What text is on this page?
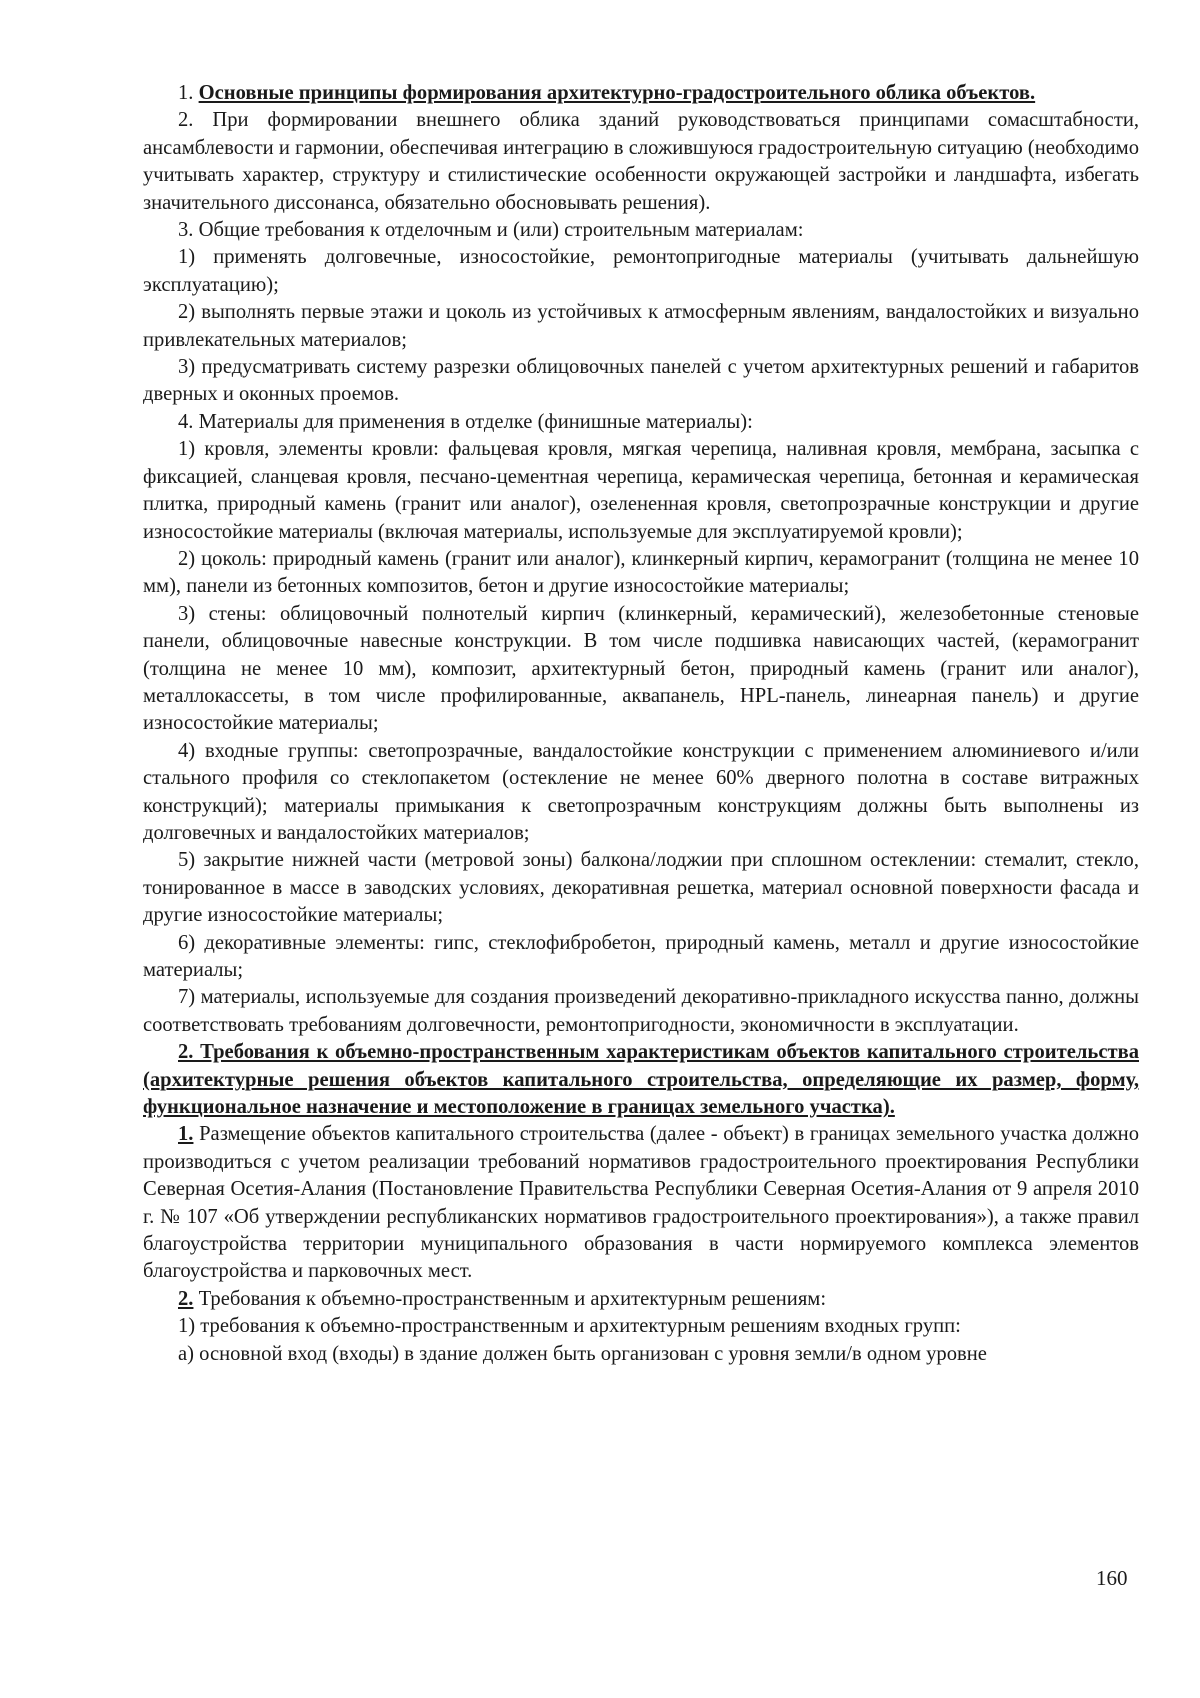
1. Основные принципы формирования архитектурно-градостроительного облика объектов.

2. При формировании внешнего облика зданий руководствоваться принципами сомасштабности, ансамблевости и гармонии, обеспечивая интеграцию в сложившуюся градостроительную ситуацию (необходимо учитывать характер, структуру и стилистические особенности окружающей застройки и ландшафта, избегать значительного диссонанса, обязательно обосновывать решения).

3. Общие требования к отделочным и (или) строительным материалам:

1) применять долговечные, износостойкие, ремонтопригодные материалы (учитывать дальнейшую эксплуатацию);

2) выполнять первые этажи и цоколь из устойчивых к атмосферным явлениям, вандалостойких и визуально привлекательных материалов;

3) предусматривать систему разрезки облицовочных панелей с учетом архитектурных решений и габаритов дверных и оконных проемов.

4. Материалы для применения в отделке (финишные материалы):

1) кровля, элементы кровли: фальцевая кровля, мягкая черепица, наливная кровля, мембрана, засыпка с фиксацией, сланцевая кровля, песчано-цементная черепица, керамическая черепица, бетонная и керамическая плитка, природный камень (гранит или аналог), озелененная кровля, светопрозрачные конструкции и другие износостойкие материалы (включая материалы, используемые для эксплуатируемой кровли);

2) цоколь: природный камень (гранит или аналог), клинкерный кирпич, керамогранит (толщина не менее 10 мм), панели из бетонных композитов, бетон и другие износостойкие материалы;

3) стены: облицовочный полнотелый кирпич (клинкерный, керамический), железобетонные стеновые панели, облицовочные навесные конструкции. В том числе подшивка нависающих частей, (керамогранит (толщина не менее 10 мм), композит, архитектурный бетон, природный камень (гранит или аналог), металлокассеты, в том числе профилированные, аквапанель, HPL-панель, линеарная панель) и другие износостойкие материалы;

4) входные группы: светопрозрачные, вандалостойкие конструкции с применением алюминиевого и/или стального профиля со стеклопакетом (остекление не менее 60% дверного полотна в составе витражных конструкций); материалы примыкания к светопрозрачным конструкциям должны быть выполнены из долговечных и вандалостойких материалов;

5) закрытие нижней части (метровой зоны) балкона/лоджии при сплошном остеклении: стемалит, стекло, тонированное в массе в заводских условиях, декоративная решетка, материал основной поверхности фасада и другие износостойкие материалы;

6) декоративные элементы: гипс, стеклофибробетон, природный камень, металл и другие износостойкие материалы;

7) материалы, используемые для создания произведений декоративно-прикладного искусства панно, должны соответствовать требованиям долговечности, ремонтопригодности, экономичности в эксплуатации.

2. Требования к объемно-пространственным характеристикам объектов капитального строительства (архитектурные решения объектов капитального строительства, определяющие их размер, форму, функциональное назначение и местоположение в границах земельного участка).

1. Размещение объектов капитального строительства (далее - объект) в границах земельного участка должно производиться с учетом реализации требований нормативов градостроительного проектирования Республики Северная Осетия-Алания (Постановление Правительства Республики Северная Осетия-Алания от 9 апреля 2010 г. № 107 «Об утверждении республиканских нормативов градостроительного проектирования»), а также правил благоустройства территории муниципального образования в части нормируемого комплекса элементов благоустройства и парковочных мест.

2. Требования к объемно-пространственным и архитектурным решениям:

1) требования к объемно-пространственным и архитектурным решениям входных групп:

а) основной вход (входы) в здание должен быть организован с уровня земли/в одном уровне

160
